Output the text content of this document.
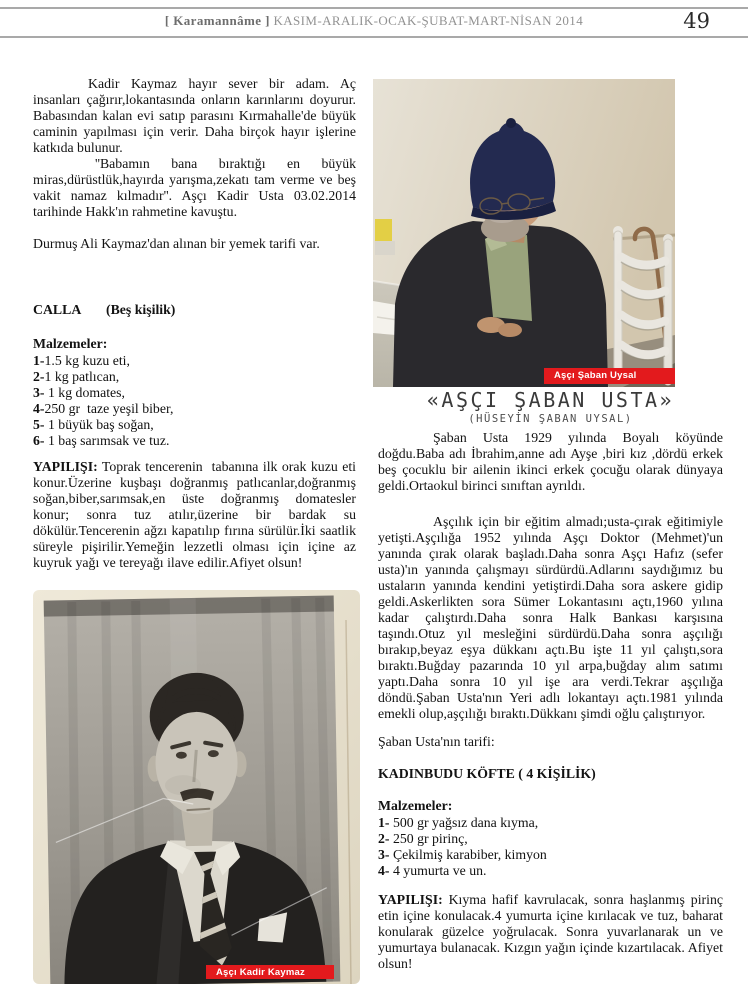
[ Karamannâme ] KASIM-ARALIK-OCAK-ŞUBAT-MART-NİSAN 2014	49
Kadir Kaymaz hayır sever bir adam. Aç insanları çağırır,lokantasında onların karınlarını doyurur. Babasından kalan evi satıp parasını Kırmahalle'de büyük caminin yapılması için verir. Daha birçok hayır işlerine katkıda bulunur.
''Babamın bana bıraktığı en büyük miras,dürüstlük,hayırda yarışma,zekatı tam verme ve beş vakit namaz kılmadır''. Aşçı Kadir Usta 03.02.2014 tarihinde Hakk'ın rahmetine kavuştu.
Durmuş Ali Kaymaz'dan alınan bir yemek tarifi var.
CALLA (Beş kişilik)
Malzemeler:
1-1.5 kg kuzu eti,
2-1 kg patlıcan,
3- 1 kg domates,
4-250 gr  taze yeşil biber,
5- 1 büyük baş soğan,
6- 1 baş sarımsak ve tuz.
YAPILIŞI: Toprak tencerenin  tabanına ilk orak kuzu eti konur.Üzerine kuşbaşı doğranmış patlıcanlar,doğranmış soğan,biber,sarımsak,en üste doğranmış domatesler konur; sonra tuz atılır,üzerine bir bardak su dökülür.Tencerenin ağzı kapatılıp fırına sürülür.İki saatlik süreyle pişirilir.Yemeğin lezzetli olması için içine az kuyruk yağı ve tereyağı ilave edilir.Afiyet olsun!
Aşçı Kadir Kaymaz
Aşçı Şaban Uysal
«AŞÇI ŞABAN USTA»
(HÜSEYİN ŞABAN UYSAL)
Şaban Usta 1929 yılında Boyalı köyünde doğdu.Baba adı İbrahim,anne adı Ayşe ,biri kız ,dördü erkek beş çocuklu bir ailenin ikinci erkek çocuğu olarak dünyaya geldi.Ortaokul birinci sınıftan ayrıldı.
Aşçılık için bir eğitim almadı;usta-çırak eğitimiyle yetişti.Aşçılığa 1952 yılında Aşçı Doktor (Mehmet)'un yanında çırak olarak başladı.Daha sonra Aşçı Hafız (sefer usta)'ın yanında çalışmayı sürdürdü.Adlarını saydığımız bu ustaların yanında kendini yetiştirdi.Daha sora askere gidip geldi.Askerlikten sora Sümer Lokantasını açtı,1960 yılına kadar çalıştırdı.Daha sonra Halk Bankası karşısına taşındı.Otuz yıl mesleğini sürdürdü.Daha sonra aşçılığı bırakıp,beyaz eşya dükkanı açtı.Bu işte 11 yıl çalıştı,sora bıraktı.Buğday pazarında 10 yıl arpa,buğday alım satımı yaptı.Daha sonra 10 yıl işe ara verdi.Tekrar aşçılığa döndü.Şaban Usta'nın Yeri adlı lokantayı açtı.1981 yılında emekli olup,aşçılığı bıraktı.Dükkanı şimdi oğlu çalıştırıyor.
Şaban Usta'nın tarifi:
KADINBUDU KÖFTE ( 4 KİŞİLİK)
Malzemeler:
1- 500 gr yağsız dana kıyma,
2- 250 gr pirinç,
3- Çekilmiş karabiber, kimyon
4- 4 yumurta ve un.
YAPILIŞI: Kıyma hafif kavrulacak, sonra haşlanmış pirinç etin içine konulacak.4 yumurta içine kırılacak ve tuz, baharat konularak güzelce yoğrulacak. Sonra yuvarlanarak un ve yumurtaya bulanacak. Kızgın yağın içinde kızartılacak. Afiyet olsun!
